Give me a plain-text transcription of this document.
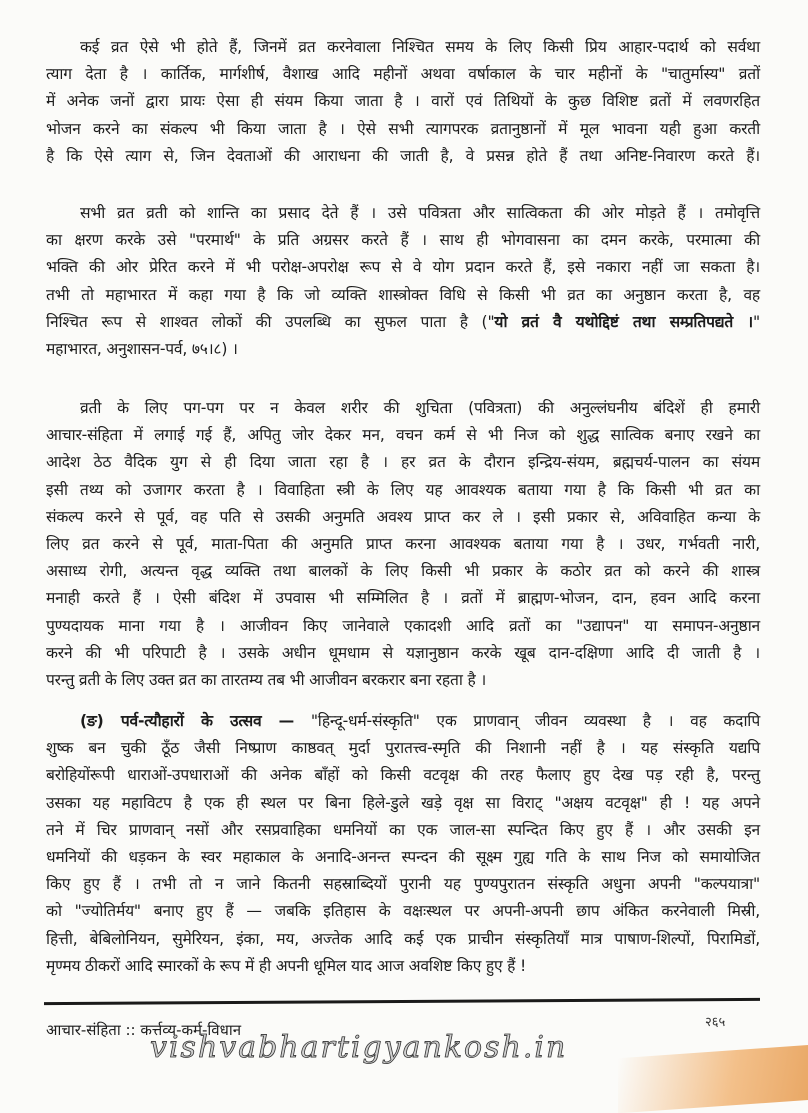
कई व्रत ऐसे भी होते हैं, जिनमें व्रत करनेवाला निश्चित समय के लिए किसी प्रिय आहार-पदार्थ को सर्वथा
त्याग देता है । कार्तिक, मार्गशीर्ष, वैशाख आदि महीनों अथवा वर्षाकाल के चार महीनों के "चातुर्मास्य" व्रतों
में अनेक जनों द्वारा प्रायः ऐसा ही संयम किया जाता है । वारों एवं तिथियों के कुछ विशिष्ट व्रतों में लवणरहित
भोजन करने का संकल्प भी किया जाता है । ऐसे सभी त्यागपरक व्रतानुष्ठानों में मूल भावना यही हुआ करती
है कि ऐसे त्याग से, जिन देवताओं की आराधना की जाती है, वे प्रसन्न होते हैं तथा अनिष्ट-निवारण करते हैं।
सभी व्रत व्रती को शान्ति का प्रसाद देते हैं । उसे पवित्रता और सात्विकता की ओर मोड़ते हैं । तमोवृत्ति
का क्षरण करके उसे "परमार्थ" के प्रति अग्रसर करते हैं । साथ ही भोगवासना का दमन करके, परमात्मा की
भक्ति की ओर प्रेरित करने में भी परोक्ष-अपरोक्ष रूप से वे योग प्रदान करते हैं, इसे नकारा नहीं जा सकता है।
तभी तो महाभारत में कहा गया है कि जो व्यक्ति शास्त्रोक्त विधि से किसी भी व्रत का अनुष्ठान करता है, वह
निश्चित रूप से शाश्वत लोकों की उपलब्धि का सुफल पाता है ("यो व्रतं वै यथोद्दिष्टं तथा सम्प्रतिपद्यते ।"
महाभारत, अनुशासन-पर्व, ७५।८) ।
व्रती के लिए पग-पग पर न केवल शरीर की शुचिता (पवित्रता) की अनुल्लंघनीय बंदिशें ही हमारी
आचार-संहिता में लगाई गई हैं, अपितु जोर देकर मन, वचन कर्म से भी निज को शुद्ध सात्विक बनाए रखने का
आदेश ठेठ वैदिक युग से ही दिया जाता रहा है । हर व्रत के दौरान इन्द्रिय-संयम, ब्रह्मचर्य-पालन का संयम
इसी तथ्य को उजागर करता है । विवाहिता स्त्री के लिए यह आवश्यक बताया गया है कि किसी भी व्रत का
संकल्प करने से पूर्व, वह पति से उसकी अनुमति अवश्य प्राप्त कर ले । इसी प्रकार से, अविवाहित कन्या के
लिए व्रत करने से पूर्व, माता-पिता की अनुमति प्राप्त करना आवश्यक बताया गया है । उधर, गर्भवती नारी,
असाध्य रोगी, अत्यन्त वृद्ध व्यक्ति तथा बालकों के लिए किसी भी प्रकार के कठोर व्रत को करने की शास्त्र
मनाही करते हैं । ऐसी बंदिश में उपवास भी सम्मिलित है । व्रतों में ब्राह्मण-भोजन, दान, हवन आदि करना
पुण्यदायक माना गया है । आजीवन किए जानेवाले एकादशी आदि व्रतों का "उद्यापन" या समापन-अनुष्ठान
करने की भी परिपाटी है । उसके अधीन धूमधाम से यज्ञानुष्ठान करके खूब दान-दक्षिणा आदि दी जाती है ।
परन्तु व्रती के लिए उक्त व्रत का तारतम्य तब भी आजीवन बरकरार बना रहता है ।
(ङ) पर्व-त्यौहारों के उत्सव — "हिन्दू-धर्म-संस्कृति" एक प्राणवान् जीवन व्यवस्था है । वह कदापि
शुष्क बन चुकी ठूँठ जैसी निष्प्राण काष्ठवत् मुर्दा पुरातत्त्व-स्मृति की निशानी नहीं है । यह संस्कृति यद्यपि
बरोहियोंरूपी धाराओं-उपधाराओं की अनेक बाँहों को किसी वटवृक्ष की तरह फैलाए हुए देख पड़ रही है, परन्तु
उसका यह महाविटप है एक ही स्थल पर बिना हिले-डुले खड़े वृक्ष सा विराट् "अक्षय वटवृक्ष" ही ! यह अपने
तने में चिर प्राणवान् नसों और रसप्रवाहिका धमनियों का एक जाल-सा स्पन्दित किए हुए हैं । और उसकी इन
धमनियों की धड़कन के स्वर महाकाल के अनादि-अनन्त स्पन्दन की सूक्ष्म गुह्य गति के साथ निज को समायोजित
किए हुए हैं । तभी तो न जाने कितनी सहस्राब्दियों पुरानी यह पुण्यपुरातन संस्कृति अधुना अपनी "कल्पयात्रा"
को "ज्योतिर्मय" बनाए हुए हैं — जबकि इतिहास के वक्षःस्थल पर अपनी-अपनी छाप अंकित करनेवाली मिस्री,
हित्ती, बेबिलोनियन, सुमेरियन, इंका, मय, अज्तेक आदि कई एक प्राचीन संस्कृतियाँ मात्र पाषाण-शिल्पों, पिरामिडों,
मृण्मय ठीकरों आदि स्मारकों के रूप में ही अपनी धूमिल याद आज अवशिष्ट किए हुए हैं !
२६५
आचार-संहिता :: कर्त्तव्य-कर्म-विधान
vishvabhartigyankosh.in
